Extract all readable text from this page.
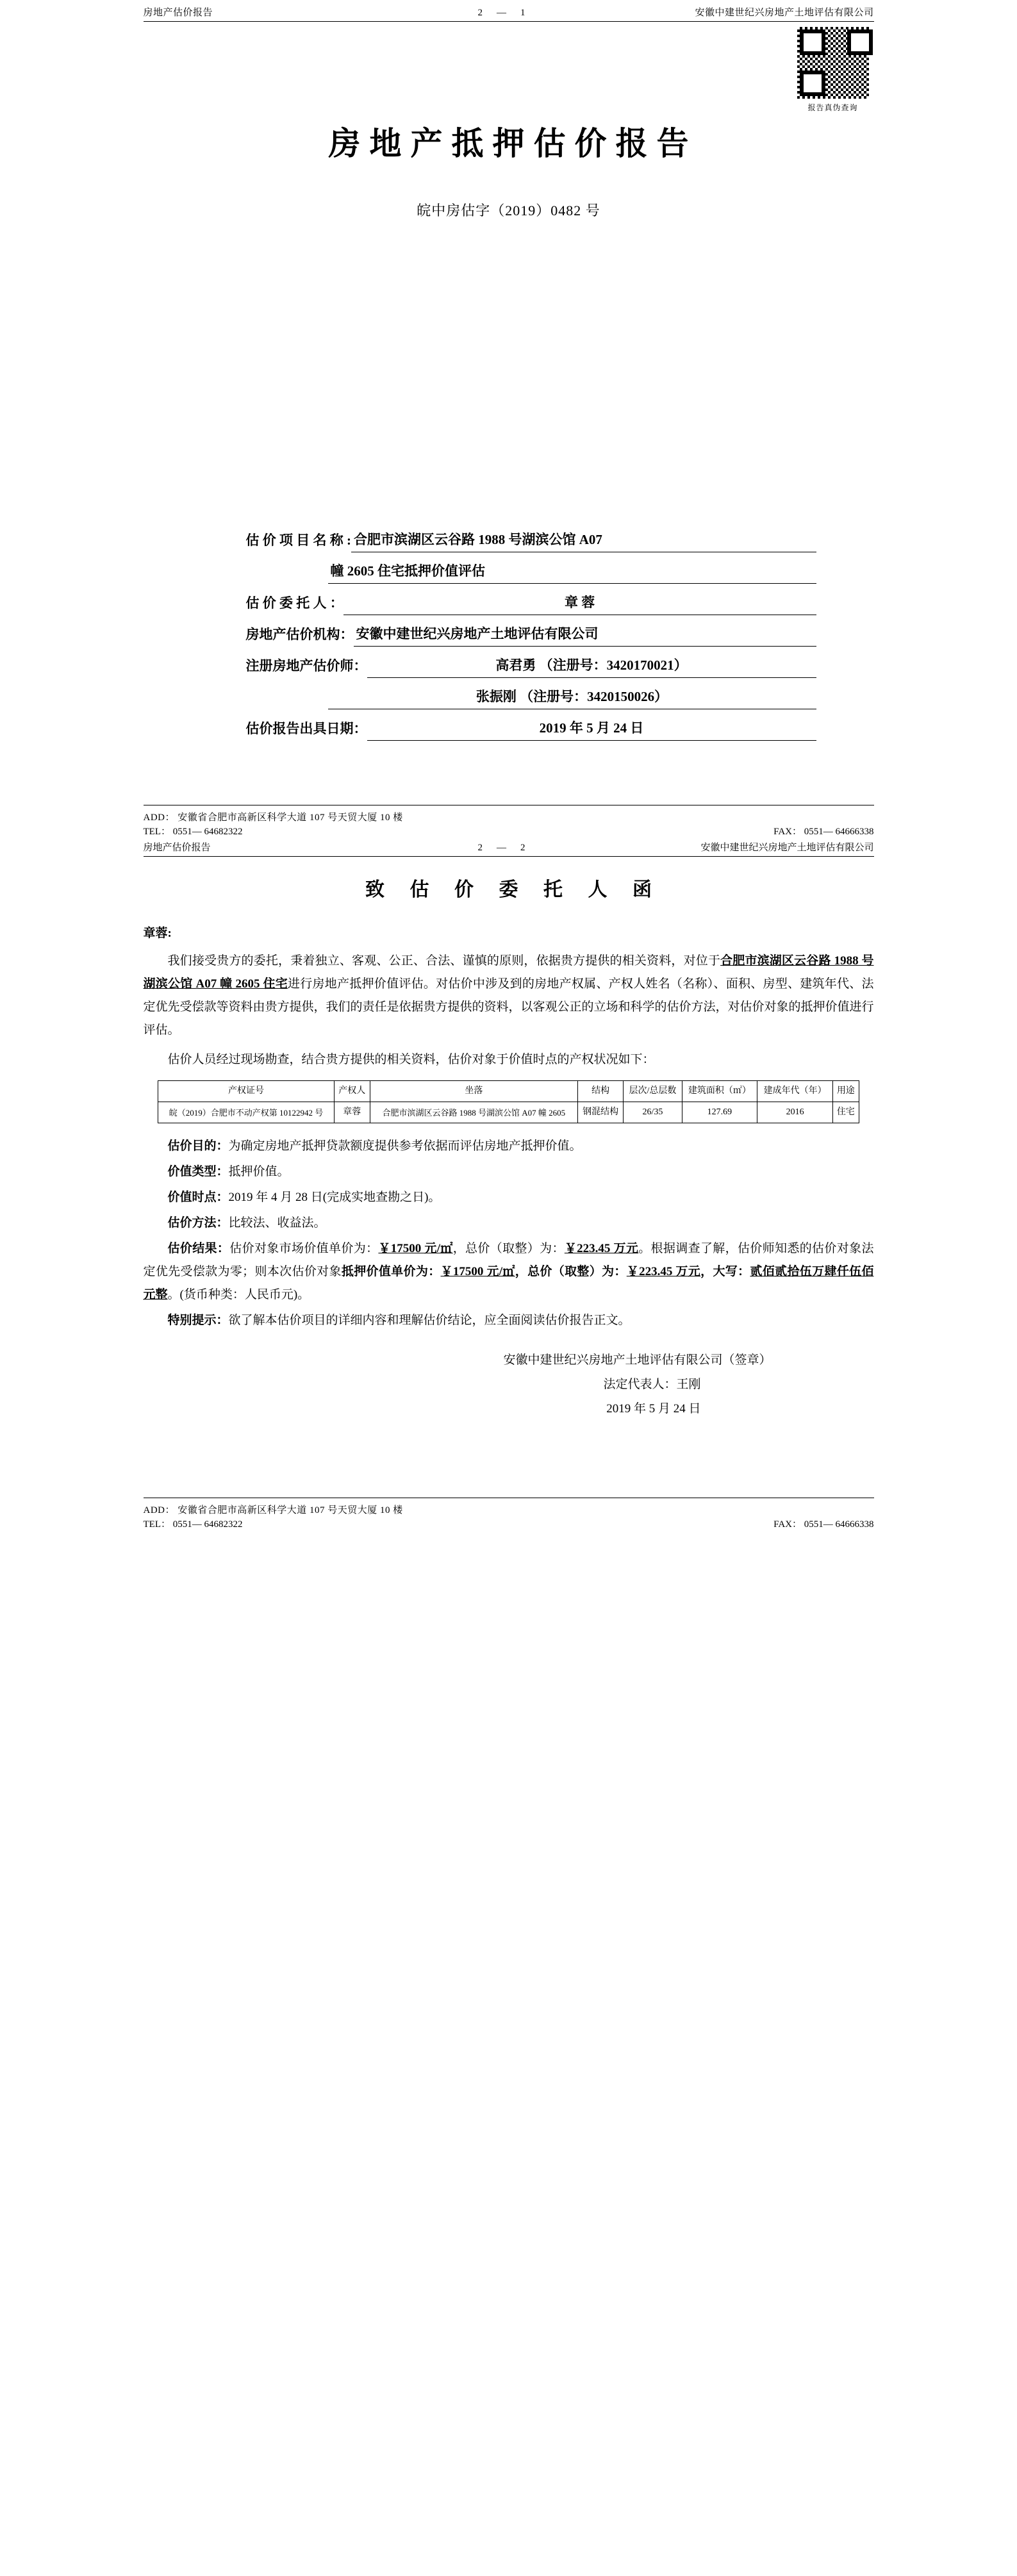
房地产估价报告	2—1	安徽中建世纪兴房地产土地评估有限公司
报告真伪查询
房地产抵押估价报告
皖中房估字（2019）0482 号
估 价 项 目 名 称 : 合肥市滨湖区云谷路 1988 号湖滨公馆 A07
幢 2605 住宅抵押价值评估
估 价 委 托 人 ：	章 蓉
房地产估价机构： 安徽中建世纪兴房地产土地评估有限公司
注册房地产估价师：	高君勇 （注册号：3420170021）
张振刚 （注册号：3420150026）
估价报告出具日期：	2019 年 5 月 24 日
ADD： 安徽省合肥市高新区科学大道 107 号天贸大厦 10 楼
TEL： 0551— 64682322	FAX： 0551— 64666338
房地产估价报告	2—2	安徽中建世纪兴房地产土地评估有限公司
致 估 价 委 托 人 函
章蓉:

我们接受贵方的委托，秉着独立、客观、公正、合法、谨慎的原则，依据贵方提供的相关资料，对位于合肥市滨湖区云谷路 1988 号湖滨公馆 A07 幢 2605 住宅进行房地产抵押价值评估。对估价中涉及到的房地产权属、产权人姓名（名称）、面积、房型、建筑年代、法定优先受偿款等资料由贵方提供，我们的责任是依据贵方提供的资料，以客观公正的立场和科学的估价方法，对估价对象的抵押价值进行评估。

估价人员经过现场勘查，结合贵方提供的相关资料，估价对象于价值时点的产权状况如下：

产权证号	产权人	坐落	结构	层次/总层数	建筑面积（㎡）	建成年代（年）	用途
皖（2019）合肥市不动产权第 10122942 号	章蓉	合肥市滨湖区云谷路 1988 号湖滨公馆 A07 幢 2605	钢混结构	26/35	127.69	2016	住宅

估价目的：为确定房地产抵押贷款额度提供参考依据而评估房地产抵押价值。

价值类型：抵押价值。

价值时点：2019 年 4 月 28 日(完成实地查勘之日)。

估价方法：比较法、收益法。

估价结果：估价对象市场价值单价为：￥17500 元/㎡，总价（取整）为：￥223.45 万元。根据调查了解，估价师知悉的估价对象法定优先受偿款为零；则本次估价对象抵押价值单价为：￥17500 元/㎡，总价（取整）为：￥223.45 万元，大写：贰佰贰拾伍万肆仟伍佰元整。(货币种类：人民币元)。

特别提示：欲了解本估价项目的详细内容和理解估价结论，应全面阅读估价报告正文。

安徽中建世纪兴房地产土地评估有限公司（签章）
法定代表人：王刚
2019 年 5 月 24 日
ADD： 安徽省合肥市高新区科学大道 107 号天贸大厦 10 楼
TEL： 0551— 64682322	FAX： 0551— 64666338
